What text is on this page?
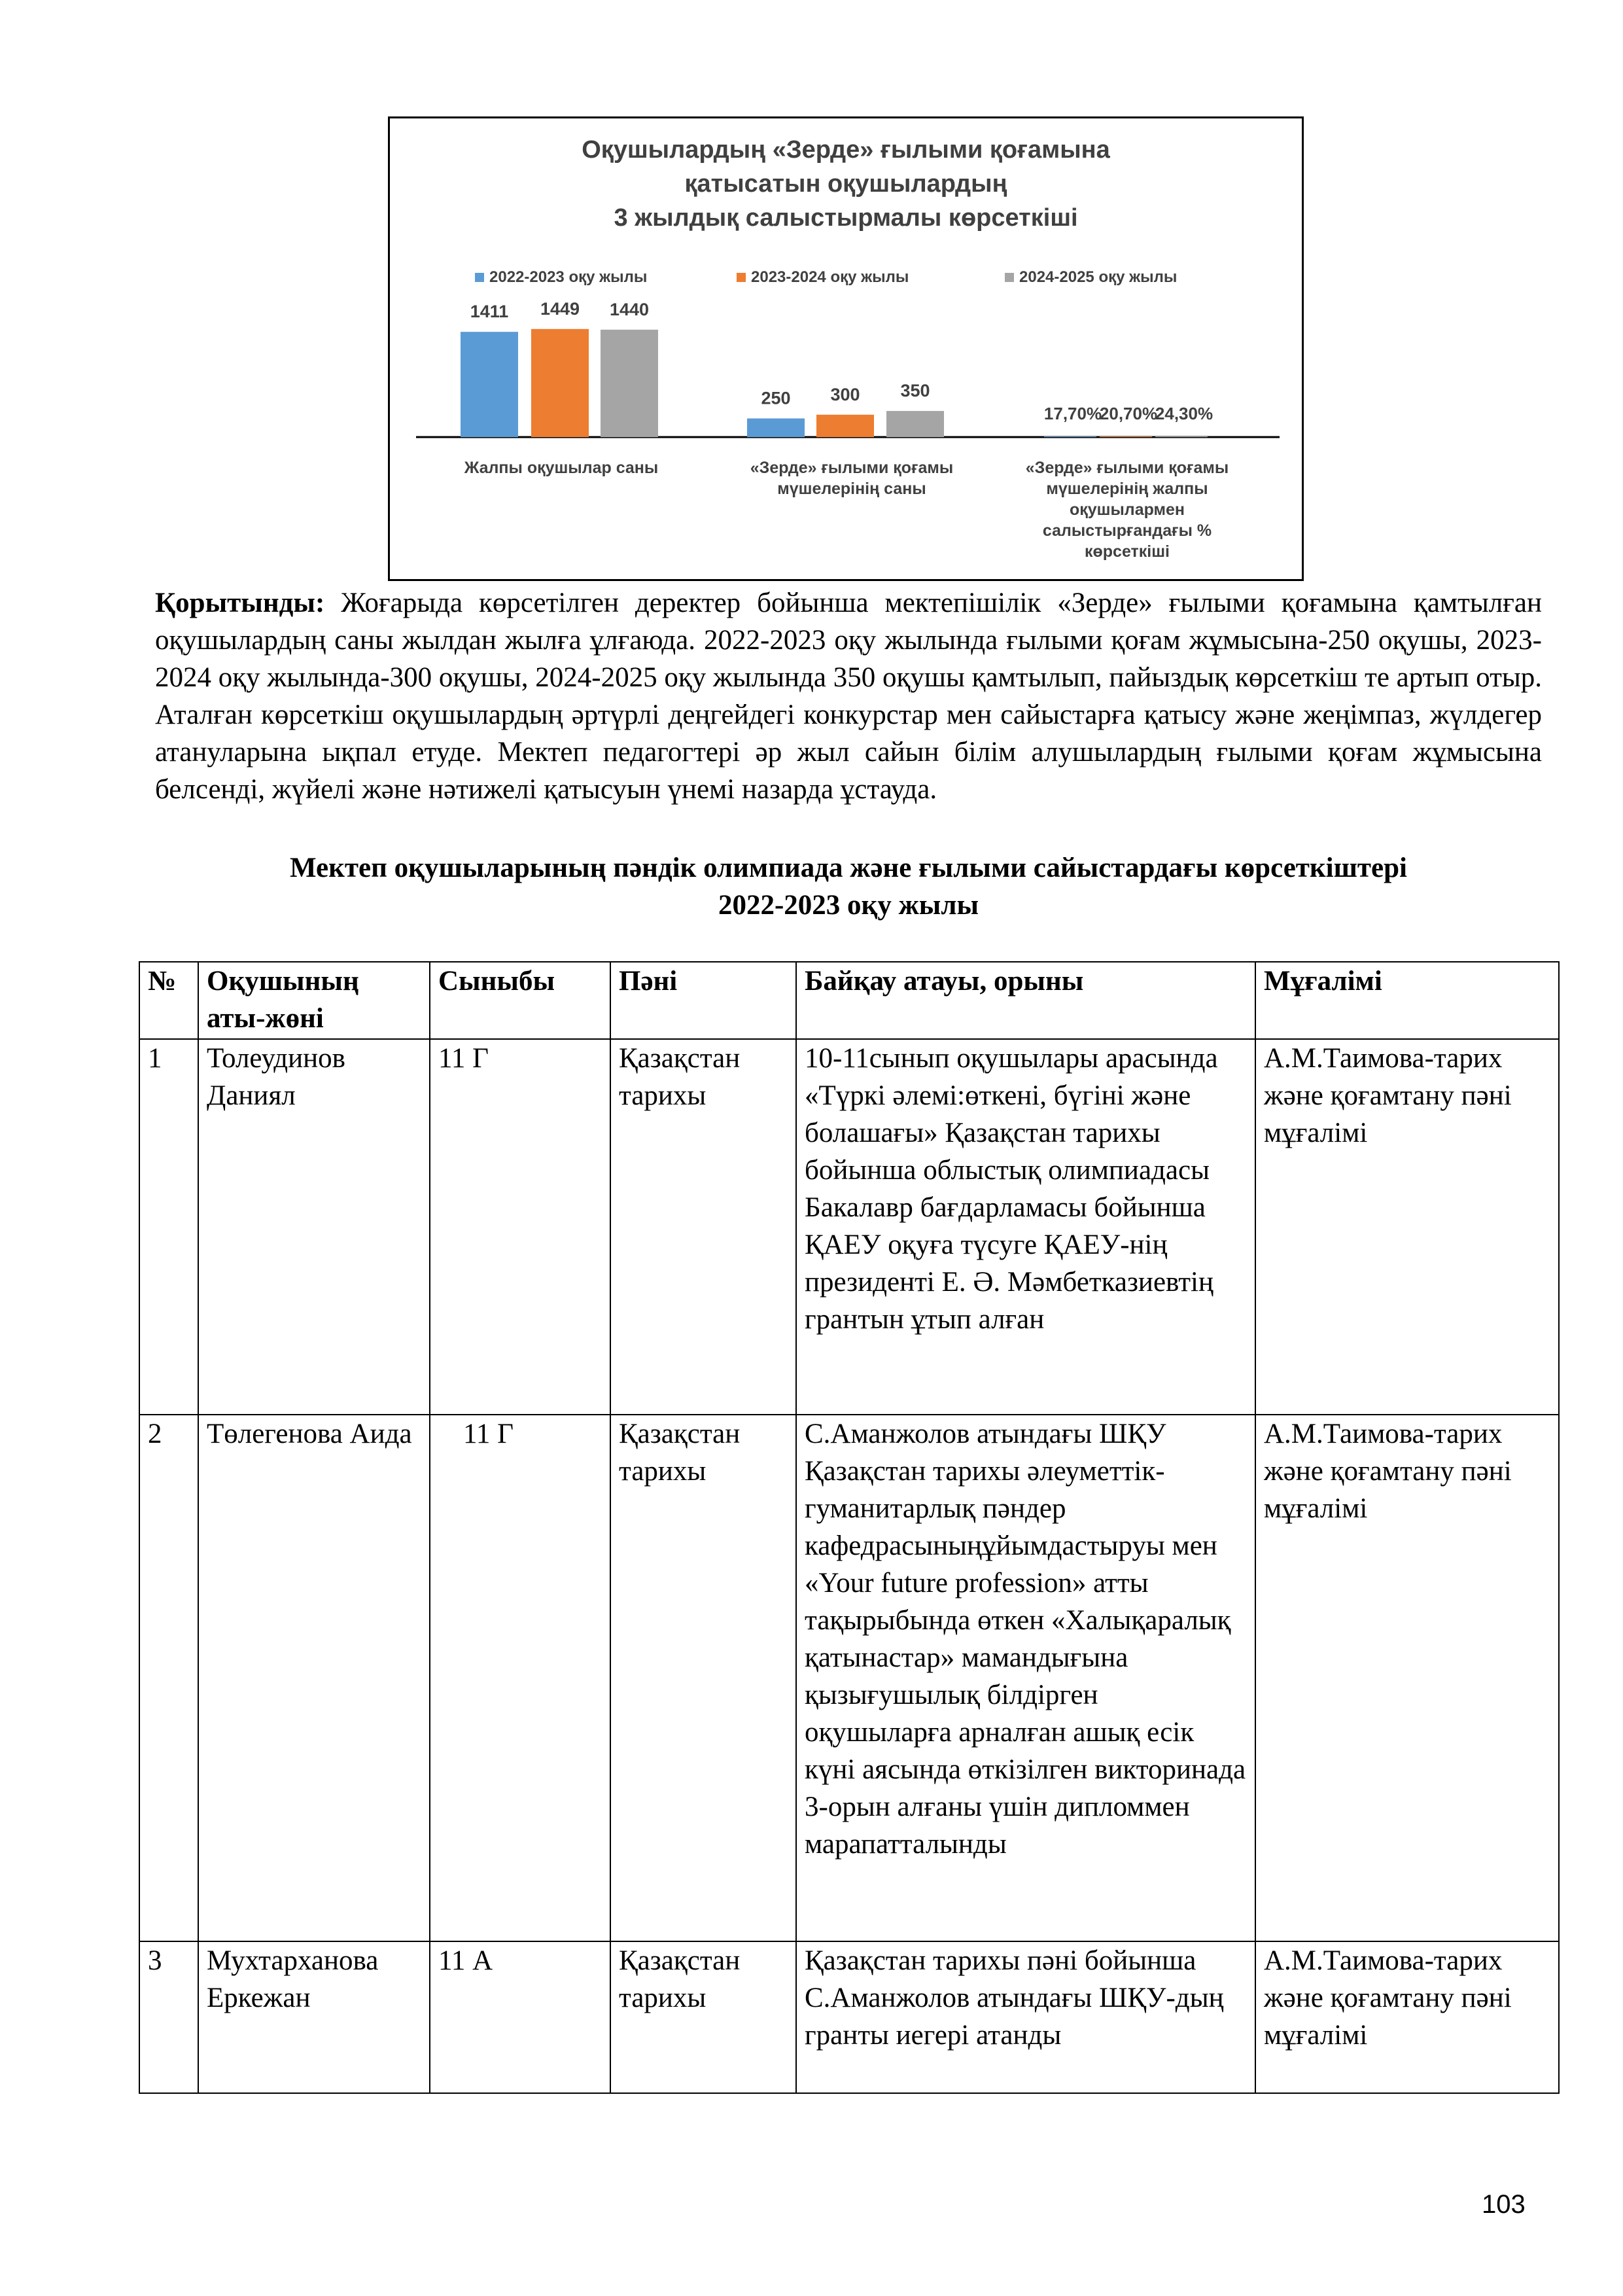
Оқушылардың «Зерде» ғылыми қоғамына
қатысатын оқушылардың
3 жылдық салыстырмалы көрсеткіші
2022-2023 оқу жылы	2023-2024 оқу жылы	2024-2025 оқу жылы
1411
250
17,70%
1449
300
20,70%
1440
350
24,30%
Жалпы оқушылар саны	«Зерде» ғылыми қоғамы
мүшелерінің саны
«Зерде» ғылыми қоғамы
мүшелерінің жалпы
оқушылармен
салыстырғандағы %
көрсеткіші
Қорытынды: Жоғарыда көрсетілген деректер бойынша мектепішілік «Зерде» ғылыми қоғамына қамтылған оқушылардың саны жылдан жылға ұлғаюда. 2022-2023 оқу жылында ғылыми қоғам жұмысына-250 оқушы, 2023-2024 оқу жылында-300 оқушы, 2024-2025 оқу жылында 350 оқушы қамтылып, пайыздық көрсеткіш те артып отыр. Аталған көрсеткіш оқушылардың әртүрлі деңгейдегі конкурстар мен сайыстарға қатысу және жеңімпаз, жүлдегер атануларына ықпал етуде. Мектеп педагогтері әр жыл сайын білім алушылардың ғылыми қоғам жұмысына белсенді, жүйелі және нәтижелі қатысуын үнемі назарда ұстауда.
Мектеп оқушыларының пәндік олимпиада және ғылыми сайыстардағы көрсеткіштері
2022-2023 оқу жылы
№	Оқушының аты-жөні	Сыныбы	Пәні	Байқау атауы, орыны	Мұғалімі
1	Толеудинов Даниял	11 Г	Қазақстан тарихы	10-11сынып оқушылары арасында «Түркі әлемі:өткені, бүгіні және болашағы» Қазақстан тарихы бойынша облыстық олимпиадасы Бакалавр бағдарламасы бойынша ҚАЕУ оқуға түсуге ҚАЕУ-нің президенті Е. Ә. Мәмбетказиевтің грантын ұтып алған	А.М.Таимова-тарих және қоғамтану пәні мұғалімі
2	Төлегенова Аида	11 Г	Қазақстан тарихы	С.Аманжолов атындағы ШҚУ Қазақстан тарихы әлеуметтік-гуманитарлық пәндер кафедрасыныңұйымдастыруы мен «Your future profession» атты тақырыбында өткен «Халықаралық қатынастар» мамандығына қызығушылық білдірген оқушыларға арналған ашық есік күні аясында өткізілген викторинада 3-орын алғаны үшін дипломмен марапатталынды	А.М.Таимова-тарих және қоғамтану пәні мұғалімі
3	Мухтарханова Еркежан	11 А	Қазақстан тарихы	Қазақстан тарихы пәні бойынша С.Аманжолов атындағы ШҚУ-дың гранты иегері атанды	А.М.Таимова-тарих және қоғамтану пәні мұғалімі
103
